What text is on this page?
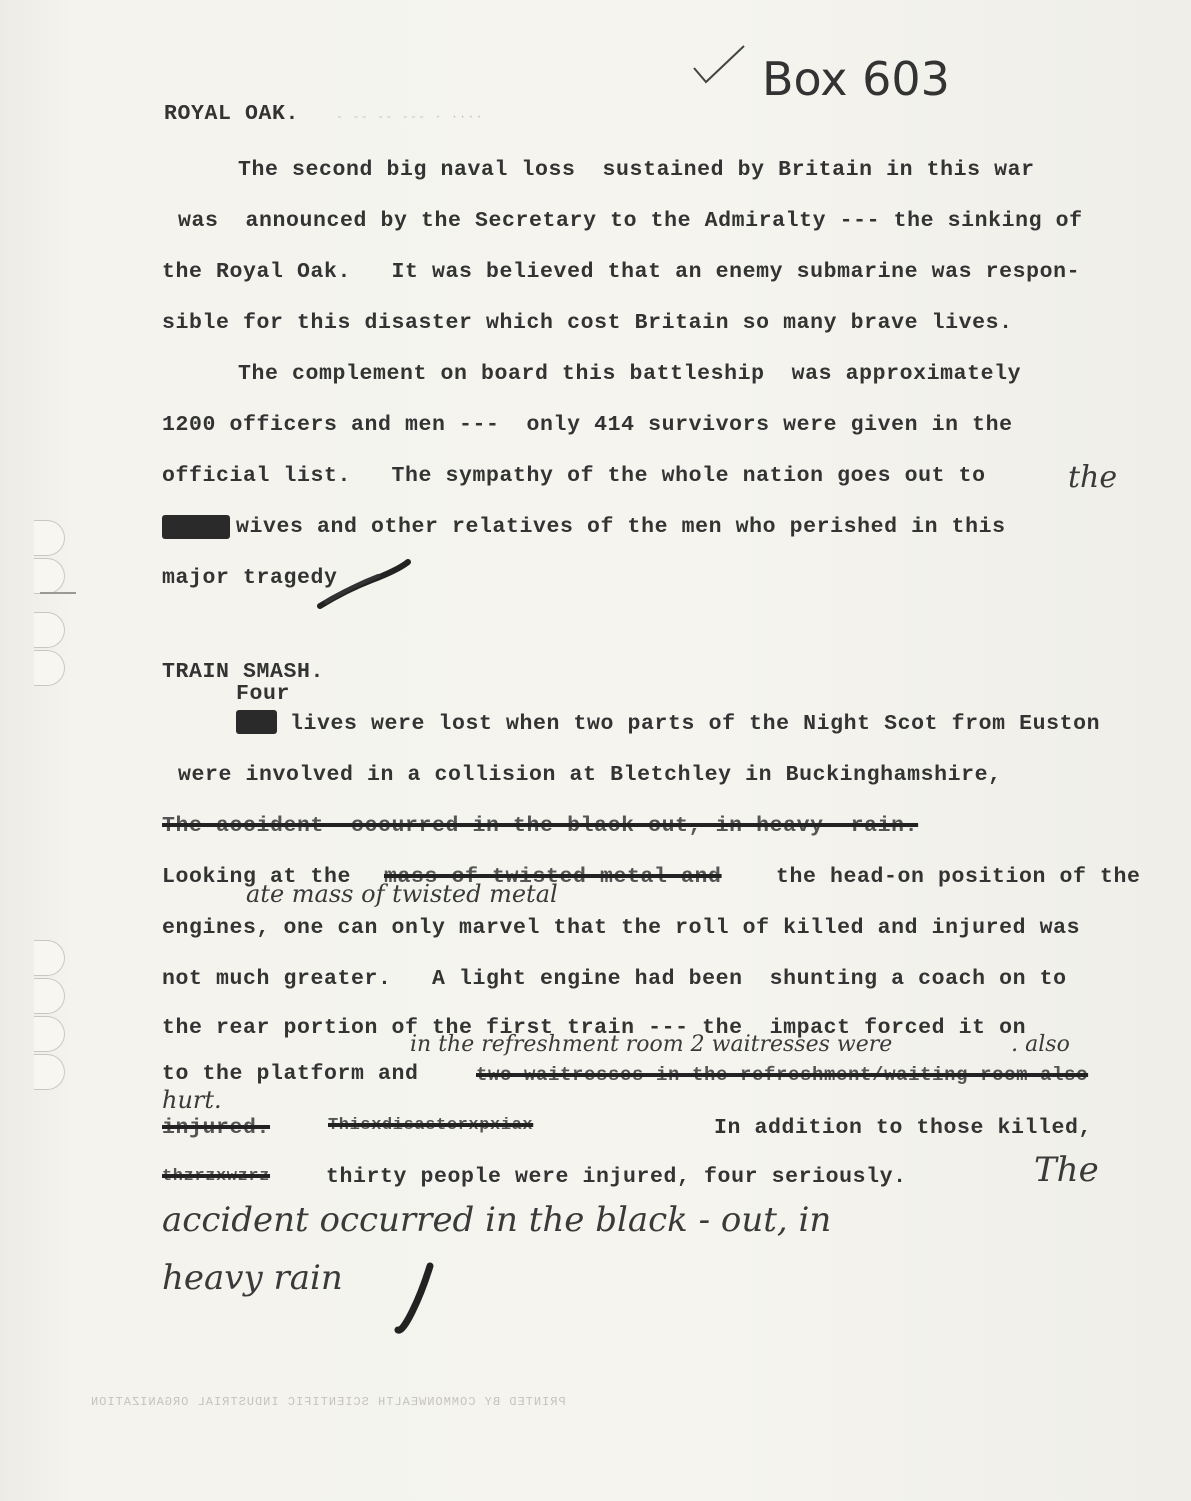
Box 603
ROYAL OAK.	- -- -- --- · ····
The second big naval loss  sustained by Britain in this war
was  announced by the Secretary to the Admiralty --- the sinking of
the Royal Oak.   It was believed that an enemy submarine was respon-
sible for this disaster which cost Britain so many brave lives.
The complement on board this battleship  was approximately
1200 officers and men ---  only 414 survivors were given in the
official list.   The sympathy of the whole nation goes out to	the
brave wives and other relatives of the men who perished in this
major tragedy
TRAIN SMASH.
Four
Six lives were lost when two parts of the Night Scot from Euston
were involved in a collision at Bletchley in Buckinghamshire,
The accident  occurred in the black-out, in heavy  rain.
Looking at the mass of twisted metal and	the head-on position of the
ate mass of twisted metal
engines, one can only marvel that the roll of killed and injured was
not much greater.   A light engine had been  shunting a coach on to
the rear portion of the first train --- the  impact forced it on
in the refreshment room 2 waitresses were                 . also
to the platform and	two waitresses in the refreshment/waiting room also
hurt.
injured.	Thisxdisasterxpxiax	In addition to those killed,
thzrzxwzrz	thirty people were injured, four seriously.	The
accident occurred in the black - out, in
heavy rain
PRINTED BY COMMONWEALTH SCIENTIFIC INDUSTRIAL ORGANIZATION
